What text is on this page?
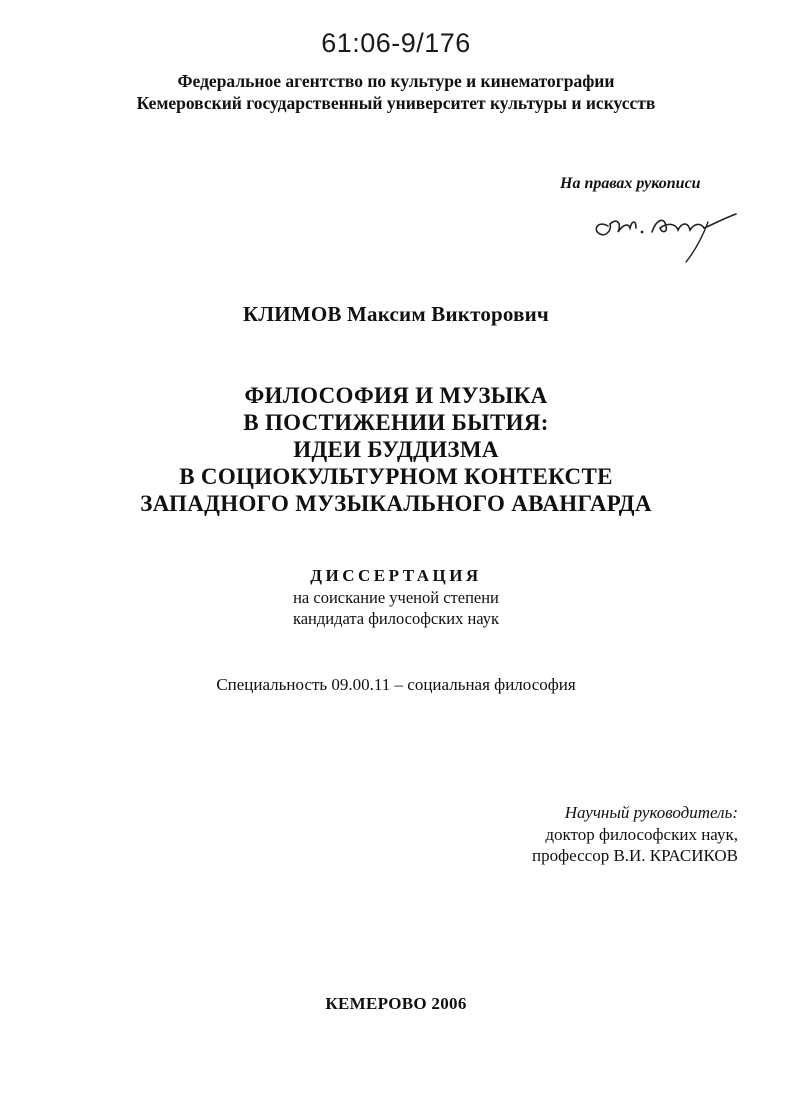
61:06-9/176
Федеральное агентство по культуре и кинематографии
Кемеровский государственный университет культуры и искусств
На правах рукописи
КЛИМОВ Максим Викторович
ФИЛОСОФИЯ И МУЗЫКА
В ПОСТИЖЕНИИ БЫТИЯ:
ИДЕИ БУДДИЗМА
В СОЦИОКУЛЬТУРНОМ КОНТЕКСТЕ
ЗАПАДНОГО МУЗЫКАЛЬНОГО АВАНГАРДА
ДИССЕРТАЦИЯ
на соискание ученой степени
кандидата философских наук
Специальность 09.00.11 – социальная философия
Научный руководитель:
доктор философских наук,
профессор В.И. КРАСИКОВ
КЕМЕРОВО 2006
